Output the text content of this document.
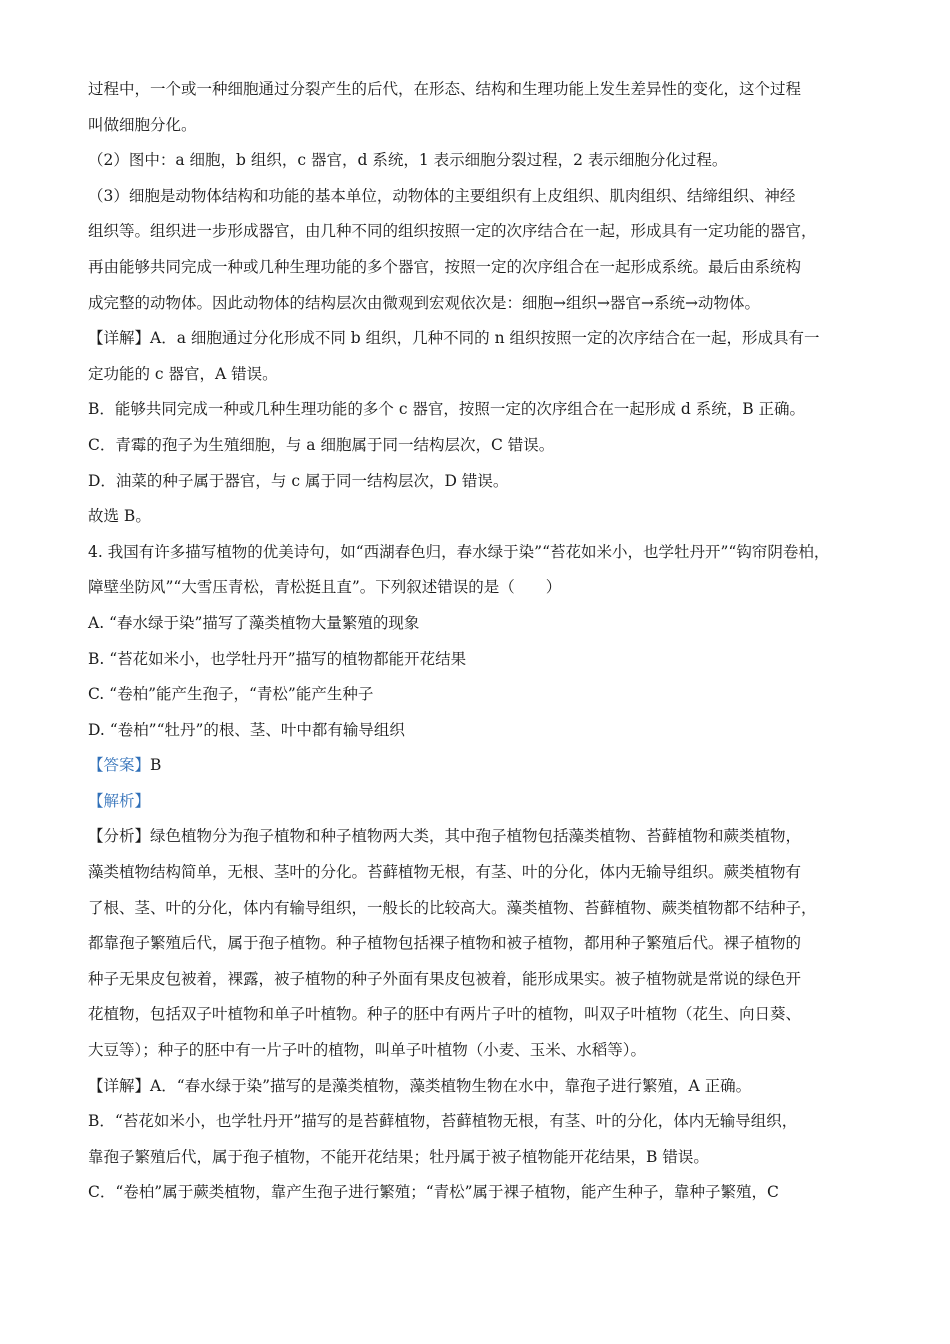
过程中，一个或一种细胞通过分裂产生的后代，在形态、结构和生理功能上发生差异性的变化，这个过程
叫做细胞分化。
（2）图中：a 细胞，b 组织，c 器官，d 系统，1 表示细胞分裂过程，2 表示细胞分化过程。
（3）细胞是动物体结构和功能的基本单位，动物体的主要组织有上皮组织、肌肉组织、结缔组织、神经
组织等。组织进一步形成器官，由几种不同的组织按照一定的次序结合在一起，形成具有一定功能的器官，
再由能够共同完成一种或几种生理功能的多个器官，按照一定的次序组合在一起形成系统。最后由系统构
成完整的动物体。因此动物体的结构层次由微观到宏观依次是：细胞→组织→器官→系统→动物体。
【详解】A．a 细胞通过分化形成不同 b 组织，几种不同的 n 组织按照一定的次序结合在一起，形成具有一
定功能的 c 器官，A 错误。
B．能够共同完成一种或几种生理功能的多个 c 器官，按照一定的次序组合在一起形成 d 系统，B 正确。
C．青霉的孢子为生殖细胞，与 a 细胞属于同一结构层次，C 错误。
D．油菜的种子属于器官，与 c 属于同一结构层次，D 错误。
故选 B。
4. 我国有许多描写植物的优美诗句，如“西湖春色归，春水绿于染”“苔花如米小，也学牡丹开”“钩帘阴卷柏，
障壁坐防风”“大雪压青松，青松挺且直”。下列叙述错误的是（　　）
A. “春水绿于染”描写了藻类植物大量繁殖的现象
B. “苔花如米小，也学牡丹开”描写的植物都能开花结果
C. “卷柏”能产生孢子，“青松”能产生种子
D. “卷柏”“牡丹”的根、茎、叶中都有输导组织
【答案】B
【解析】
【分析】绿色植物分为孢子植物和种子植物两大类，其中孢子植物包括藻类植物、苔藓植物和蕨类植物，
藻类植物结构简单，无根、茎叶的分化。苔藓植物无根，有茎、叶的分化，体内无输导组织。蕨类植物有
了根、茎、叶的分化，体内有输导组织，一般长的比较高大。藻类植物、苔藓植物、蕨类植物都不结种子，
都靠孢子繁殖后代，属于孢子植物。种子植物包括裸子植物和被子植物，都用种子繁殖后代。裸子植物的
种子无果皮包被着，裸露，被子植物的种子外面有果皮包被着，能形成果实。被子植物就是常说的绿色开
花植物，包括双子叶植物和单子叶植物。种子的胚中有两片子叶的植物，叫双子叶植物（花生、向日葵、
大豆等）；种子的胚中有一片子叶的植物，叫单子叶植物（小麦、玉米、水稻等）。
【详解】A．“春水绿于染”描写的是藻类植物，藻类植物生物在水中，靠孢子进行繁殖，A 正确。
B．“苔花如米小，也学牡丹开”描写的是苔藓植物，苔藓植物无根，有茎、叶的分化，体内无输导组织，
靠孢子繁殖后代，属于孢子植物，不能开花结果；牡丹属于被子植物能开花结果，B 错误。
C．“卷柏”属于蕨类植物，靠产生孢子进行繁殖；“青松”属于裸子植物，能产生种子，靠种子繁殖，C
